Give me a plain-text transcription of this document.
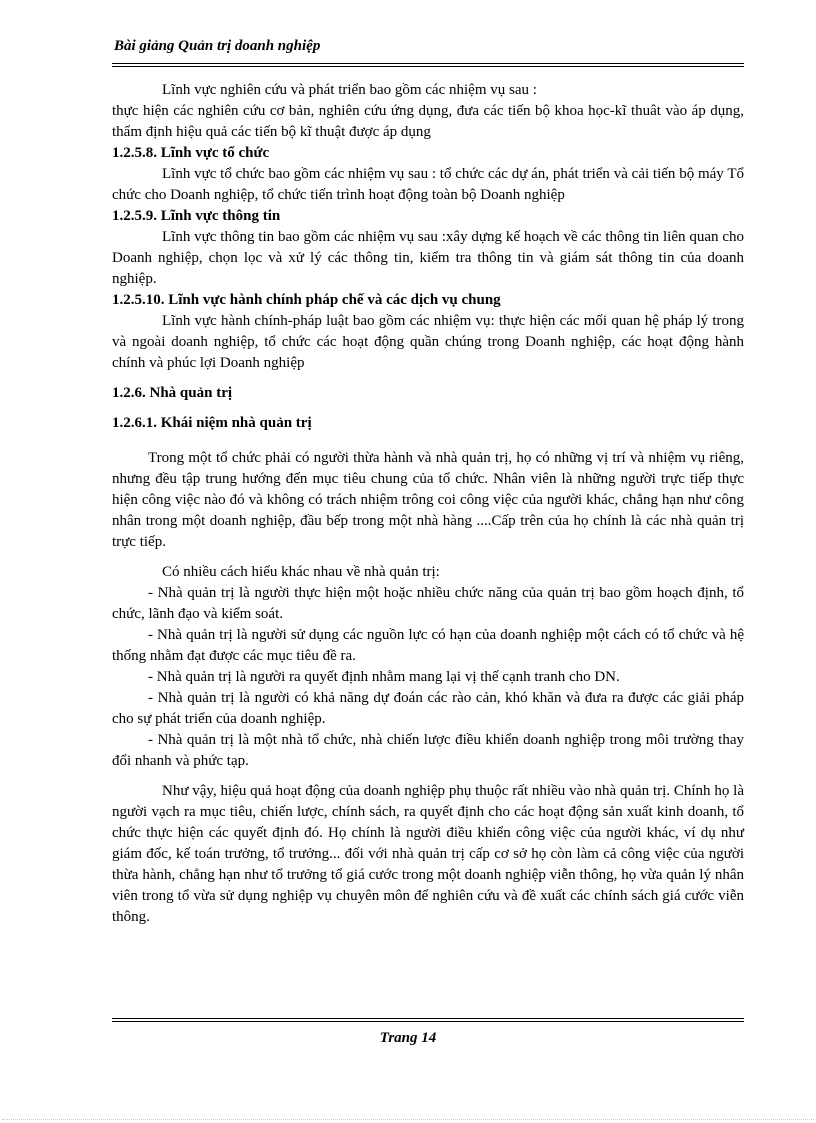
Bài giảng Quản trị doanh nghiệp

Lĩnh vực nghiên cứu và phát triển bao gồm các nhiệm vụ sau :

thực hiện các nghiên cứu cơ bản, nghiên cứu ứng dụng, đưa các tiến bộ khoa học-kĩ thuât vào áp dụng, thẩm định hiệu quả các tiến bộ kĩ thuật được áp dụng

1.2.5.8. Lĩnh vực tổ chức

Lĩnh vực tổ chức bao gồm các nhiệm vụ sau : tổ chức các dự án, phát triển và cải tiến bộ máy Tổ chức cho Doanh nghiệp, tổ chức tiến trình hoạt động toàn bộ Doanh nghiệp

1.2.5.9. Lĩnh vực thông tin

Lĩnh vực thông tin bao gồm các nhiệm vụ sau :xây dựng kế hoạch về các thông tin liên quan cho Doanh nghiệp, chọn lọc và xử lý các thông tin, kiểm tra thông tin và giám sát thông tin của doanh nghiệp.

1.2.5.10. Lĩnh vực hành chính pháp chế và các dịch vụ chung

Lĩnh vực hành chính-pháp luật bao gồm các nhiệm vụ: thực hiện các mối quan hệ pháp lý trong và ngoài doanh nghiệp, tổ chức các hoạt động quần chúng trong Doanh nghiệp, các hoạt động hành chính và phúc lợi Doanh nghiệp

1.2.6. Nhà quản trị

1.2.6.1. Khái niệm nhà quản trị

Trong một tổ chức phải có người thừa hành và nhà quản trị, họ có những vị trí và nhiệm vụ riêng, nhưng đều tập trung hướng đến mục tiêu chung của tổ chức. Nhân viên là những người trực tiếp thực hiện công việc nào đó và không có trách nhiệm trông coi công việc của người khác, chẳng hạn như công nhân trong một doanh nghiệp, đầu bếp trong một nhà hàng ....Cấp trên của họ chính là các nhà quản trị trực tiếp.

Có nhiều cách hiểu khác nhau về nhà quản trị:

- Nhà quản trị là người thực hiện một hoặc nhiều chức năng của quản trị bao gồm hoạch định, tổ chức, lãnh đạo và kiểm soát.

- Nhà quản trị là người sử dụng các nguồn lực có hạn của doanh nghiệp một cách có tổ chức và hệ thống nhằm đạt được các mục tiêu đề ra.

- Nhà quản trị là người ra quyết định nhằm mang lại vị thế cạnh tranh cho DN.

- Nhà quản trị là người có khả năng dự đoán các rào cản, khó khăn và đưa ra được các giải pháp cho sự phát triển của doanh nghiệp.

- Nhà quản trị là một nhà tổ chức, nhà chiến lược điều khiển doanh nghiệp trong môi trường thay đổi nhanh và phức tạp.

Như vậy, hiệu quả hoạt động của doanh nghiệp phụ thuộc rất nhiều vào nhà quản trị. Chính họ là người vạch ra mục tiêu, chiến lược, chính sách, ra quyết định cho các hoạt động sản xuất kinh doanh, tổ chức thực hiện các quyết định đó. Họ chính là người điều khiển công việc của người khác, ví dụ như giám đốc, kế toán trưởng, tổ trưởng... đối với nhà quản trị cấp cơ sở họ còn làm cả công việc của người thừa hành, chẳng hạn như tổ trưởng tổ giá cước trong một doanh nghiệp viễn thông, họ vừa quản lý nhân viên trong tổ vừa sử dụng nghiệp vụ chuyên môn để nghiên cứu và đề xuất các chính sách giá cước viễn thông.

Trang 14
